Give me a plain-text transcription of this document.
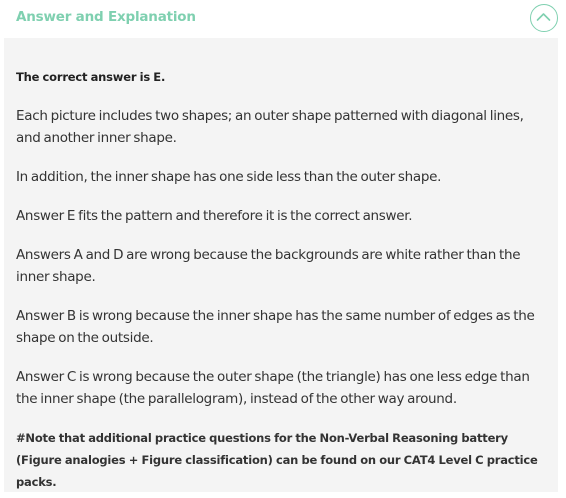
Answer and Explanation

The correct answer is E.

Each picture includes two shapes; an outer shape patterned with diagonal lines, and another inner shape.

In addition, the inner shape has one side less than the outer shape.

Answer E fits the pattern and therefore it is the correct answer.

Answers A and D are wrong because the backgrounds are white rather than the inner shape.

Answer B is wrong because the inner shape has the same number of edges as the shape on the outside.

Answer C is wrong because the outer shape (the triangle) has one less edge than the inner shape (the parallelogram), instead of the other way around.

#Note that additional practice questions for the Non-Verbal Reasoning battery (Figure analogies + Figure classification) can be found on our CAT4 Level C practice packs.
